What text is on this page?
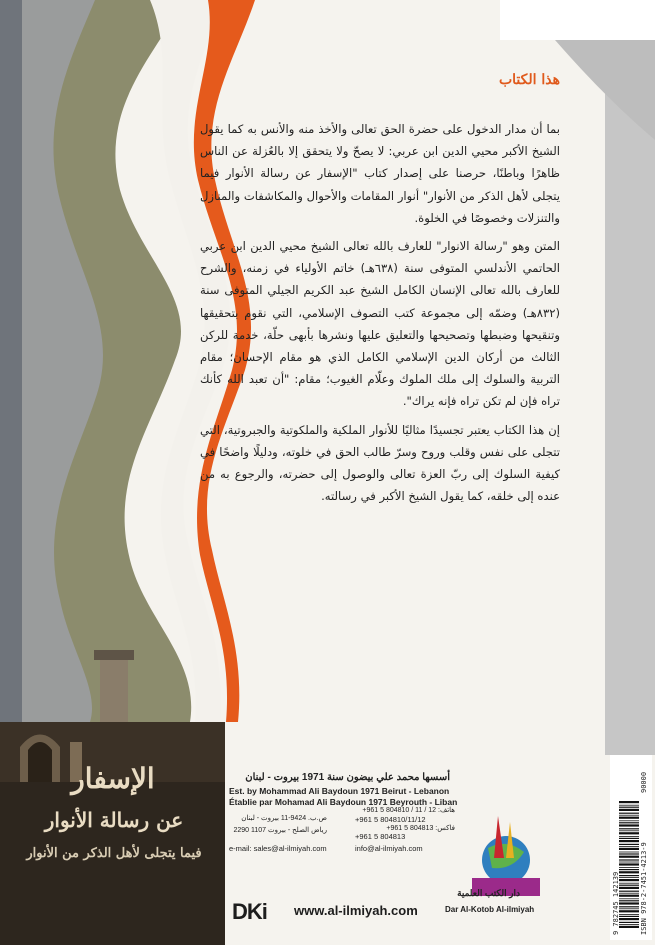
هذا الكتاب

بما أن مدار الدخول على حضرة الحق تعالى والأخذ منه والأنس به كما يقول الشيخ الأكبر محيي الدين ابن عربي: لا يصحّ ولا يتحقق إلا بالعُزلة عن الناس ظاهرًا وباطنًا، حرصنا على إصدار كتاب "الإسفار عن رسالة الأنوار فيما يتجلى لأهل الذكر من الأنوار" أنوار المقامات والأحوال والمكاشفات والمنازل والتنزلات وخصوصًا في الخلوة.

المتن وهو "رسالة الانوار" للعارف بالله تعالى الشيخ محيي الدين ابن عربي الحاتمي الأندلسي المتوفى سنة (٦٣٨هـ) خاتم الأولياء في زمنه، والشرح للعارف بالله تعالى الإنسان الكامل الشيخ عبد الكريم الجيلي المتوفى سنة (٨٣٢هـ) وضمّه إلى مجموعة كتب التصوف الإسلامي، التي نقوم بتحقيقها وتنقيحها وضبطها وتصحيحها والتعليق عليها ونشرها بأبهى حلّة، خدمة للركن الثالث من أركان الدين الإسلامي الكامل الذي هو مقام الإحسان؛ مقام التربية والسلوك إلى ملك الملوك وعلّام الغيوب؛ مقام: "أن تعبد الله كأنك تراه فإن لم تكن تراه فإنه يراك".

إن هذا الكتاب يعتبر تجسيدًا مثاليًا للأنوار الملكية والملكوتية والجبروتية، التي تتجلى على نفس وقلب وروح وسرّ طالب الحق في خلوته، ودليلًا واضحًا في كيفية السلوك إلى ربّ العزة تعالى والوصول إلى حضرته، والرجوع به من عنده إلى خلقه، كما يقول الشيخ الأكبر في رسالته.

الإسفار
عن رسالة الأنوار
فيما يتجلى لأهل الذكر من الأنوار
أسسها محمد علي بيضون سنة 1971 بيروت - لبنان
Est. by Mohammad Ali Baydoun 1971 Beirut - Lebanon
Établie par Mohamad Ali Baydoun 1971 Beyrouth - Liban
ص.ب. 9424-11 بيروت - لبنان
رياض الصلح - بيروت 1107 2290
هاتف: 12 / 11 / 804810 5 961+
+961 5 804810/11/12
فاكس: 804813 5 961+
+961 5 804813
e-mail: sales@al-ilmiyah.com	info@al-ilmiyah.com
دار الكتب العلمية
DKi www.al-ilmiyah.com	Dar Al-Kotob Al-ilmiyah	ISBN 978-2-7451-4213-9
9 782745 142139
90000
